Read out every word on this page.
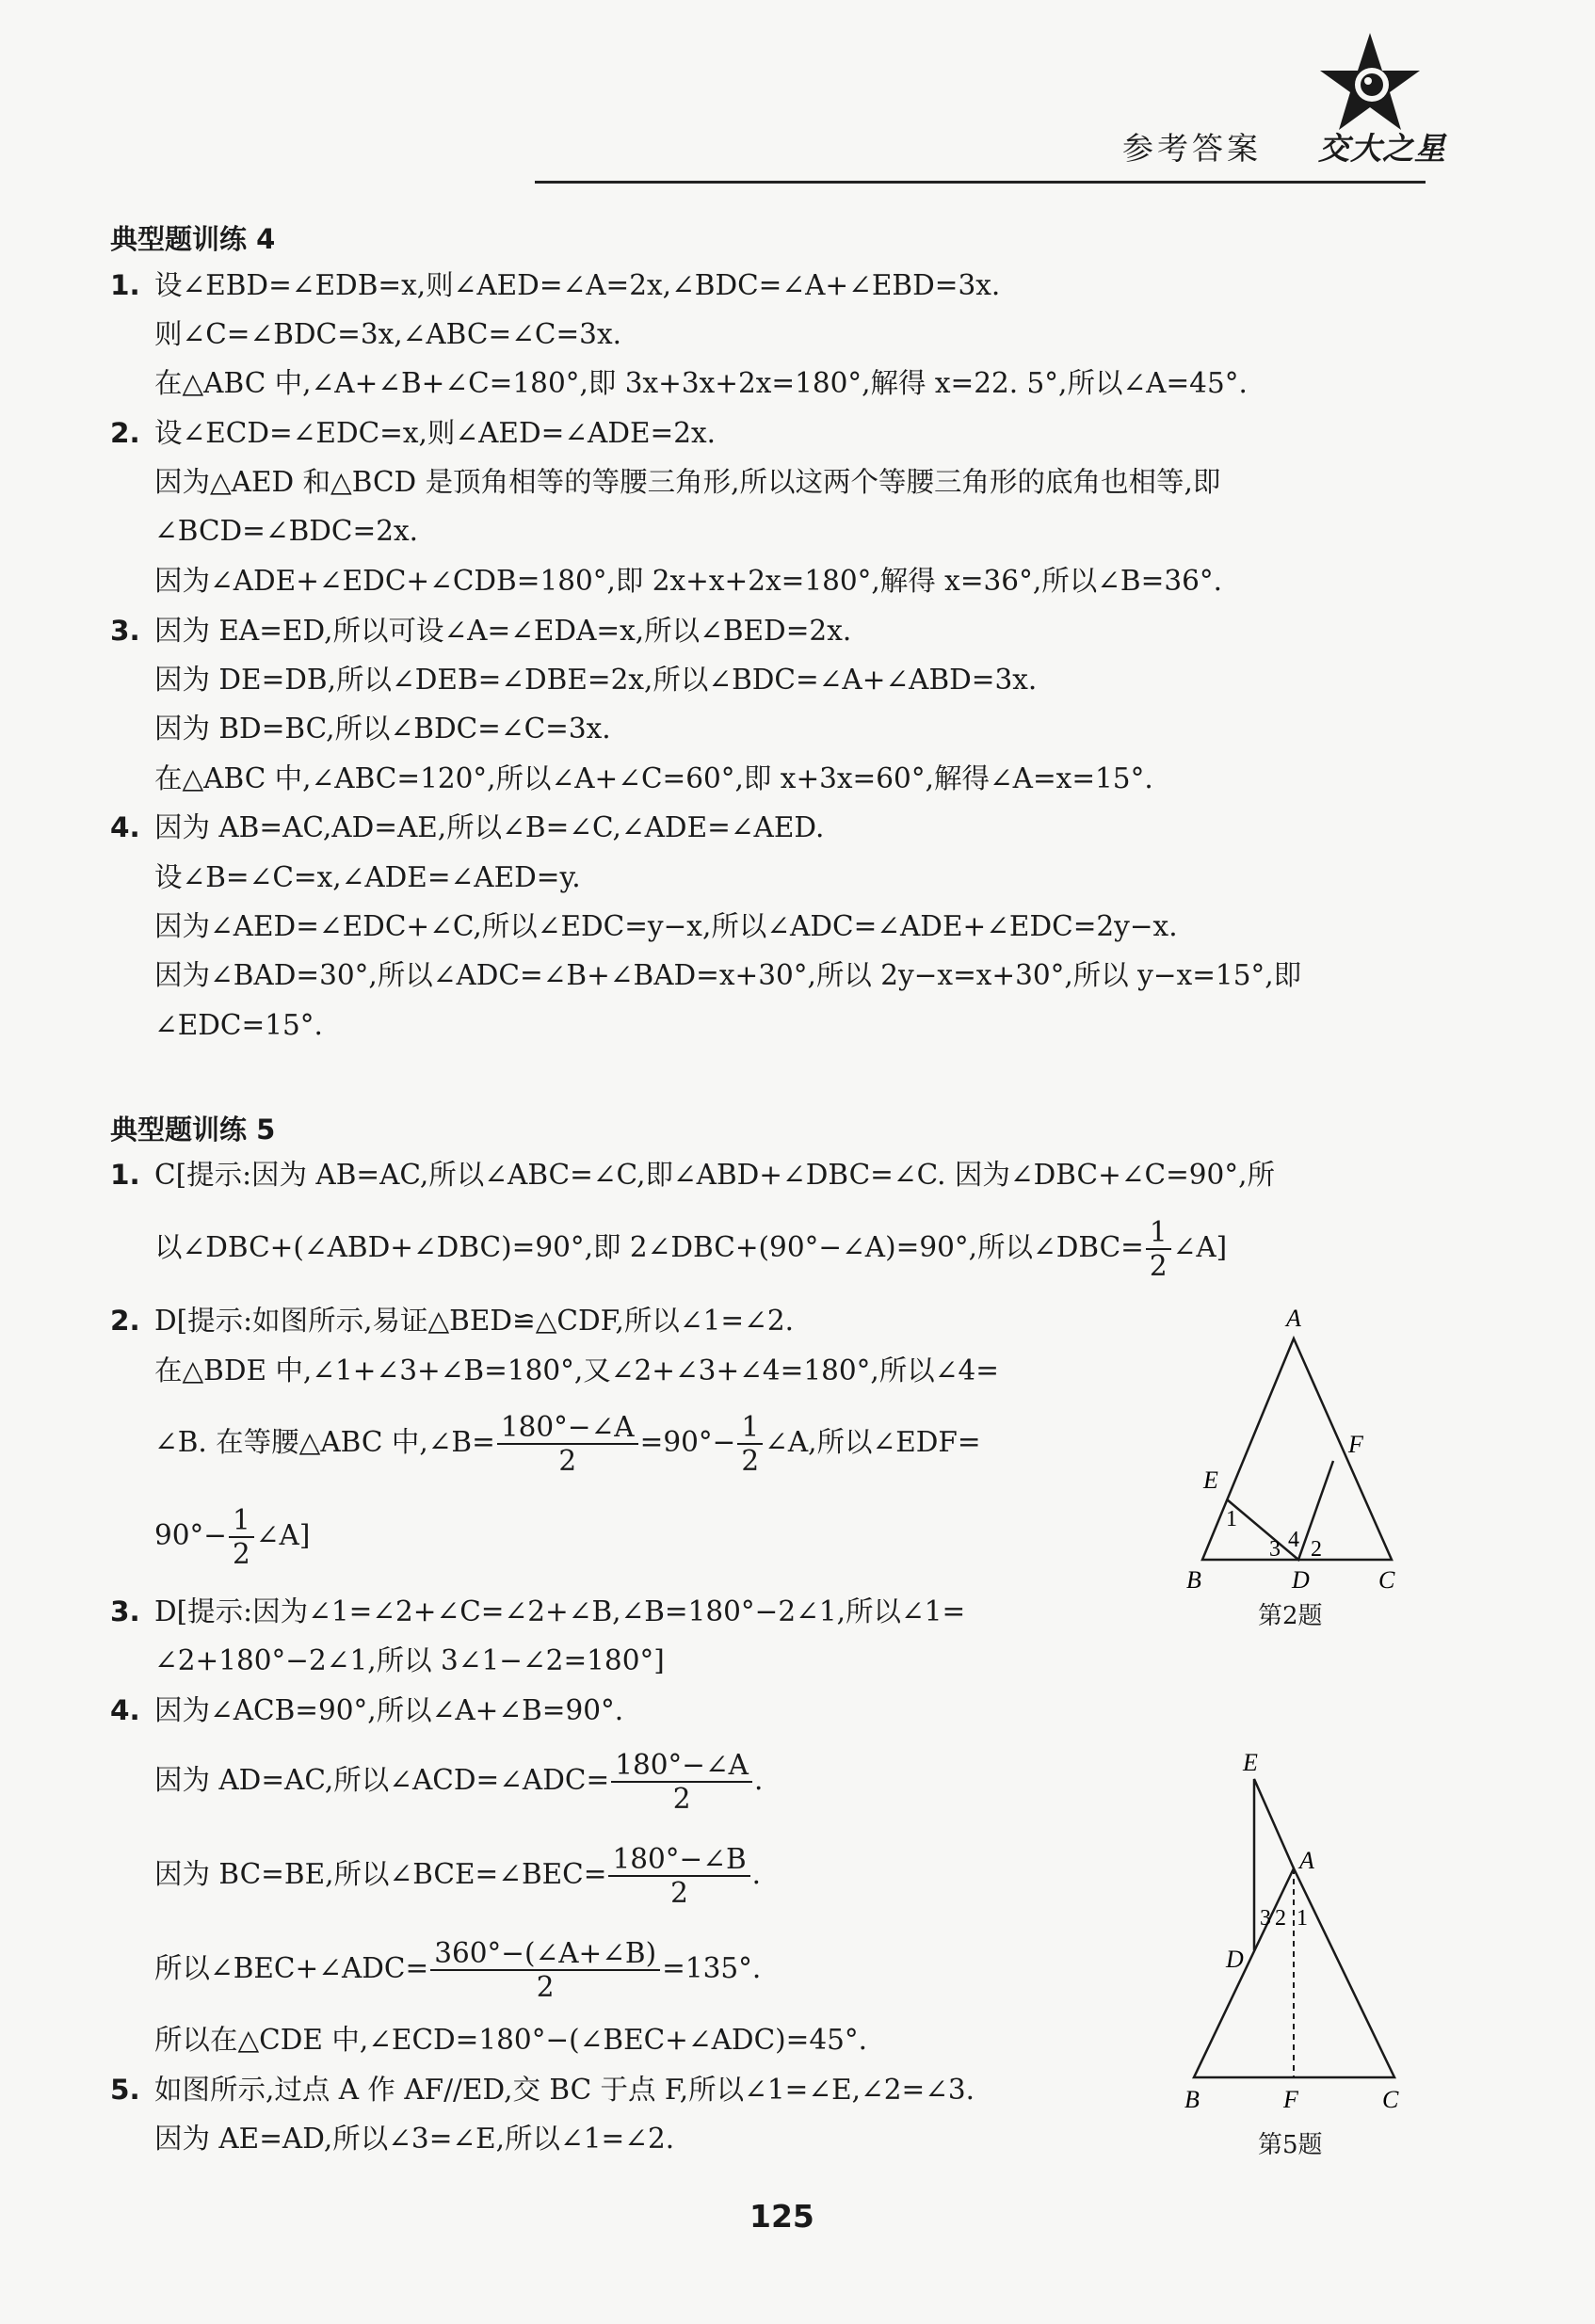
参考答案 交大之星
典型题训练 4
1. 设∠EBD=∠EDB=x,则∠AED=∠A=2x,∠BDC=∠A+∠EBD=3x.
则∠C=∠BDC=3x,∠ABC=∠C=3x.
在△ABC 中,∠A+∠B+∠C=180°,即 3x+3x+2x=180°,解得 x=22. 5°,所以∠A=45°.
2. 设∠ECD=∠EDC=x,则∠AED=∠ADE=2x.
因为△AED 和△BCD 是顶角相等的等腰三角形,所以这两个等腰三角形的底角也相等,即
∠BCD=∠BDC=2x.
因为∠ADE+∠EDC+∠CDB=180°,即 2x+x+2x=180°,解得 x=36°,所以∠B=36°.
3. 因为 EA=ED,所以可设∠A=∠EDA=x,所以∠BED=2x.
因为 DE=DB,所以∠DEB=∠DBE=2x,所以∠BDC=∠A+∠ABD=3x.
因为 BD=BC,所以∠BDC=∠C=3x.
在△ABC 中,∠ABC=120°,所以∠A+∠C=60°,即 x+3x=60°,解得∠A=x=15°.
4. 因为 AB=AC,AD=AE,所以∠B=∠C,∠ADE=∠AED.
设∠B=∠C=x,∠ADE=∠AED=y.
因为∠AED=∠EDC+∠C,所以∠EDC=y−x,所以∠ADC=∠ADE+∠EDC=2y−x.
因为∠BAD=30°,所以∠ADC=∠B+∠BAD=x+30°,所以 2y−x=x+30°,所以 y−x=15°,即
∠EDC=15°.
典型题训练 5
1. C[提示:因为 AB=AC,所以∠ABC=∠C,即∠ABD+∠DBC=∠C. 因为∠DBC+∠C=90°,所
以∠DBC+(∠ABD+∠DBC)=90°,即 2∠DBC+(90°−∠A)=90°,所以∠DBC= $\frac{1}{2}$ ∠A]
2. D[提示:如图所示,易证△BED≌△CDF,所以∠1=∠2.
在△BDE 中,∠1+∠3+∠B=180°,又∠2+∠3+∠4=180°,所以∠4=
∠B. 在等腰△ABC 中,∠B= $\frac{180^\circ-\angle A}{2} =90^\circ- \frac{1}{2}$ ∠A,所以∠EDF=
$90^\circ- \frac{1}{2}$ ∠A]
3. D[提示:因为∠1=∠2+∠C=∠2+∠B,∠B=180°−2∠1,所以∠1=
∠2+180°−2∠1,所以 3∠1−∠2=180°]
4. 因为∠ACB=90°,所以∠A+∠B=90°.
因为 AD=AC,所以∠ACD=∠ADC= $\frac{180^\circ-\angle A}{2}$ .
因为 BC=BE,所以∠BCE=∠BEC= $\frac{180^\circ-\angle B}{2}$ .
所以∠BEC+∠ADC= $\frac{360^\circ-(\angle A+\angle B)}{2} =135^\circ$.
所以在△CDE 中,∠ECD=180°−(∠BEC+∠ADC)=45°.
5. 如图所示,过点 A 作 AF//ED,交 BC 于点 F,所以∠1=∠E,∠2=∠3.
因为 AE=AD,所以∠3=∠E,所以∠1=∠2.
A
E
F
B	D	C
1
3 4 2
第2题
E
A
D
B	F	C
3 2 1
第5题
125
